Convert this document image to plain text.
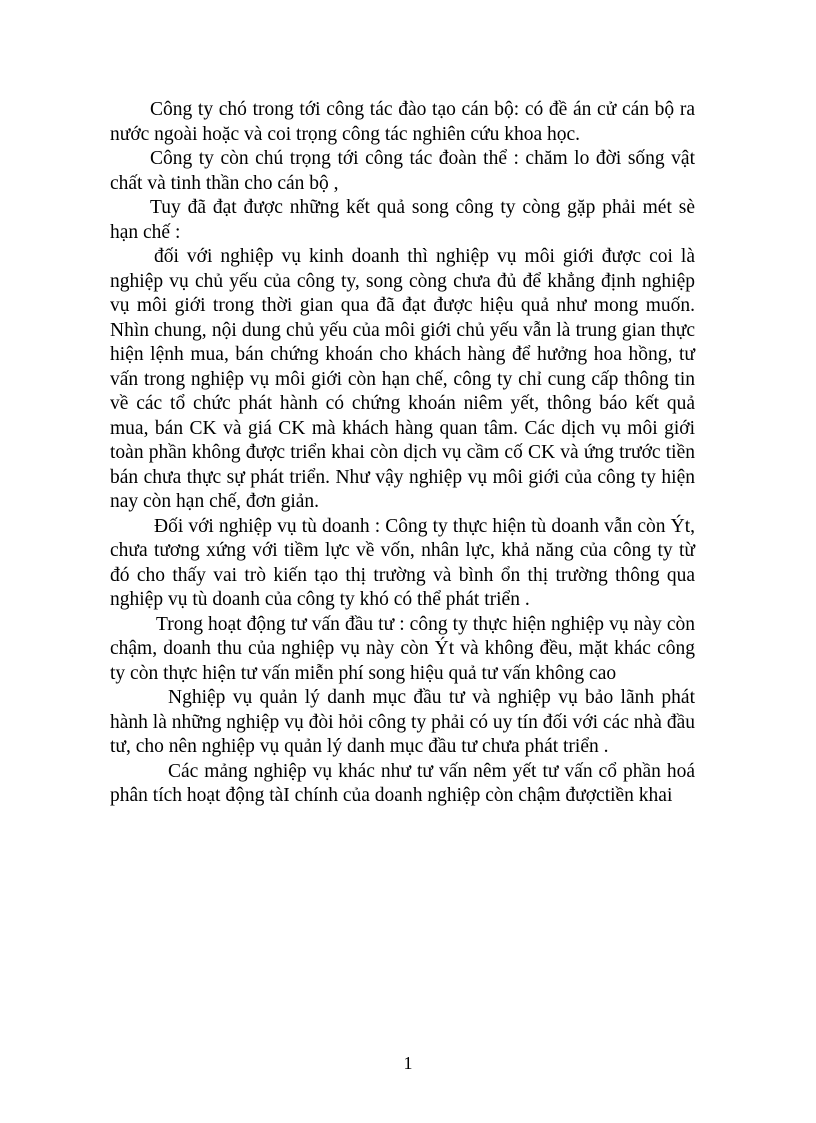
Công ty chó trong tới công tác đào tạo cán bộ: có đề án cử cán bộ ra nước ngoài hoặc và coi trọng công tác nghiên cứu khoa học.

Công ty còn chú trọng tới công tác đoàn thể : chăm lo đời sống vật chất và tinh thần cho cán bộ ,

Tuy đã đạt được những kết quả song công ty còng gặp phải mét sè hạn chế :

đối với nghiệp vụ kinh doanh thì nghiệp vụ môi giới được coi là nghiệp vụ chủ yếu của công ty, song còng chưa đủ để khẳng định nghiệp vụ môi giới trong thời gian qua đã đạt được hiệu quả như mong muốn. Nhìn chung, nội dung chủ yếu của môi giới chủ yếu vẫn là trung gian thực hiện lệnh mua, bán chứng khoán cho khách hàng để hưởng hoa hồng, tư vấn trong nghiệp vụ môi giới còn hạn chế, công ty chỉ cung cấp thông tin về các tổ chức phát hành có chứng khoán niêm yết, thông báo kết quả mua, bán CK và giá CK mà khách hàng quan tâm. Các dịch vụ môi giới toàn phần không được triển khai còn dịch vụ cầm cố CK và ứng trước tiền bán chưa thực sự phát triển. Như vậy nghiệp vụ môi giới của công ty hiện nay còn hạn chế, đơn giản.

Đối với nghiệp vụ tù doanh : Công ty thực hiện tù doanh vẫn còn Ýt, chưa tương xứng với tiềm lực về vốn, nhân lực, khả năng của công ty từ đó cho thấy vai trò kiến tạo thị trường và bình ổn thị trường thông qua nghiệp vụ tù doanh của công ty khó có thể phát triển .

Trong hoạt động tư vấn đầu tư : công ty thực hiện nghiệp vụ này còn chậm, doanh thu của nghiệp vụ này còn Ýt và không đều, mặt khác công ty còn thực hiện tư vấn miễn phí song hiệu quả tư vấn không cao

Nghiệp vụ quản lý danh mục đầu tư và nghiệp vụ bảo lãnh phát hành là những nghiệp vụ đòi hỏi công ty phải có uy tín đối với các nhà đầu tư, cho nên nghiệp vụ quản lý danh mục đầu tư chưa phát triển .

Các mảng nghiệp vụ khác như tư vấn nêm yết tư vấn cổ phần hoá phân tích hoạt động tàI chính của doanh nghiệp còn chậm đượctiền khai

1
